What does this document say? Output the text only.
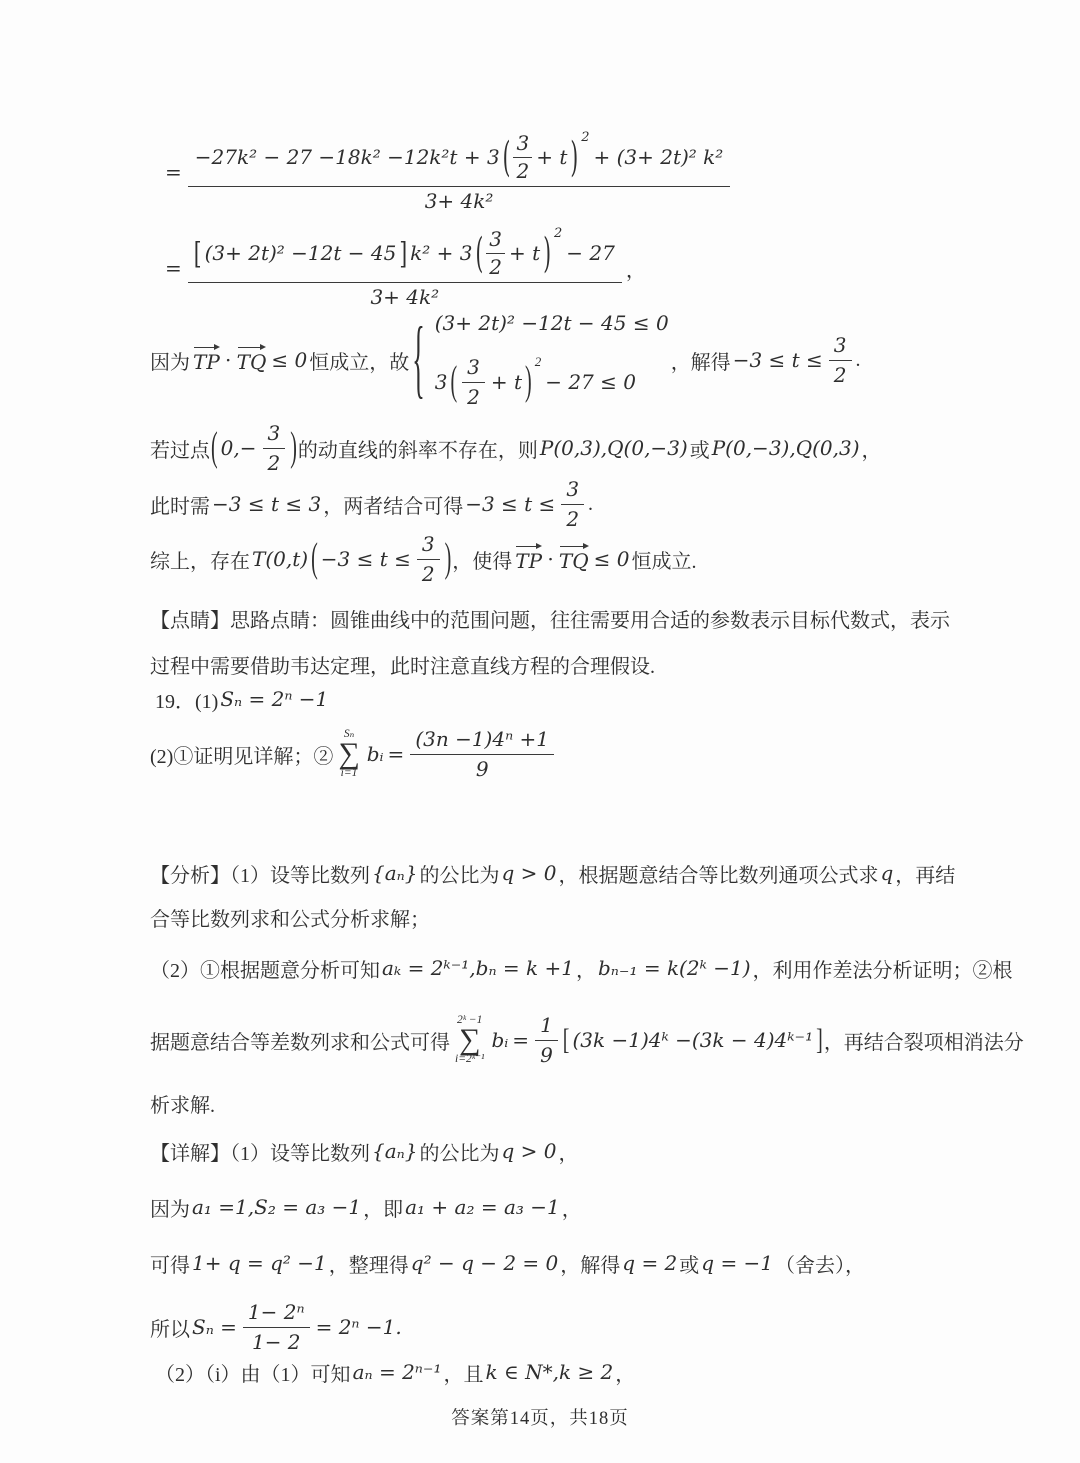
=
−27k² − 27 −18k² −12k²t + 3 ( $\frac{3}{2} + t$ ) 2
+ (3+ 2t)² k²
3+ 4k²
= [ (3+ 2t)² −12t − 45 ] k² + 3 ( $\frac{3}{2} + t$ ) 2
− 27
3+ 4k²
，
因为 TP ⋅ TQ ≤ 0 恒成立，故 { (3+ 2t)² −12t − 45 ≤ 0
3 ( $\frac{3}{2} + t$ ) 2
− 27 ≤ 0
，解得 $-3 \le t \le \frac{3}{2}$ .
若过点 ( $0,- \frac{3}{2}$ ) 的动直线的斜率不存在，则 P(0,3),Q(0,−3) 或 P(0,−3),Q(0,3) ，
此时需 −3 ≤ t ≤ 3 ，两者结合可得 $-3 \le t \le \frac{3}{2}$ .
综上，存在 T(0,t) ( $-3 \le t \le \frac{3}{2}$ ) ，使得 TP ⋅ TQ ≤ 0 恒成立.
【点睛】思路点睛：圆锥曲线中的范围问题，往往需要用合适的参数表示目标代数式，表示
过程中需要借助韦达定理，此时注意直线方程的合理假设.
19．(1) Sₙ = 2ⁿ −1
(2)①证明见详解；②
Sₙ
∑
i=1
bᵢ = $\frac{\text{(3n −1)4ⁿ +1}}{9}$
【分析】（1）设等比数列 {aₙ} 的公比为 q > 0 ，根据题意结合等比数列通项公式求 q ，再结
合等比数列求和公式分析求解；
（2）①根据题意分析可知 aₖ = 2ᵏ⁻¹,bₙ = k +1 ， bₙ₋₁ = k(2ᵏ −1) ，利用作差法分析证明；②根
据题意结合等差数列求和公式可得
2ᵏ −1
∑
i=2ᵏ⁻¹
bᵢ = $\frac{1}{9}$ [ (3k −1)4ᵏ −(3k − 4)4ᵏ⁻¹ ] ，再结合裂项相消法分
析求解.
【详解】（1）设等比数列 {aₙ} 的公比为 q > 0 ，
因为 a₁ =1,S₂ = a₃ −1 ，即 a₁ + a₂ = a₃ −1 ，
可得 1+ q = q² −1 ，整理得 q² − q − 2 = 0 ，解得 q = 2 或 q = −1 （舍去），
所以 $S_n = \frac{\text{1− 2ⁿ}}{1- 2} = 2^n -1$.
（2）（i）由（1）可知 aₙ = 2ⁿ⁻¹ ，且 k ∈ N*,k ≥ 2 ，
答案第14页，共18页
